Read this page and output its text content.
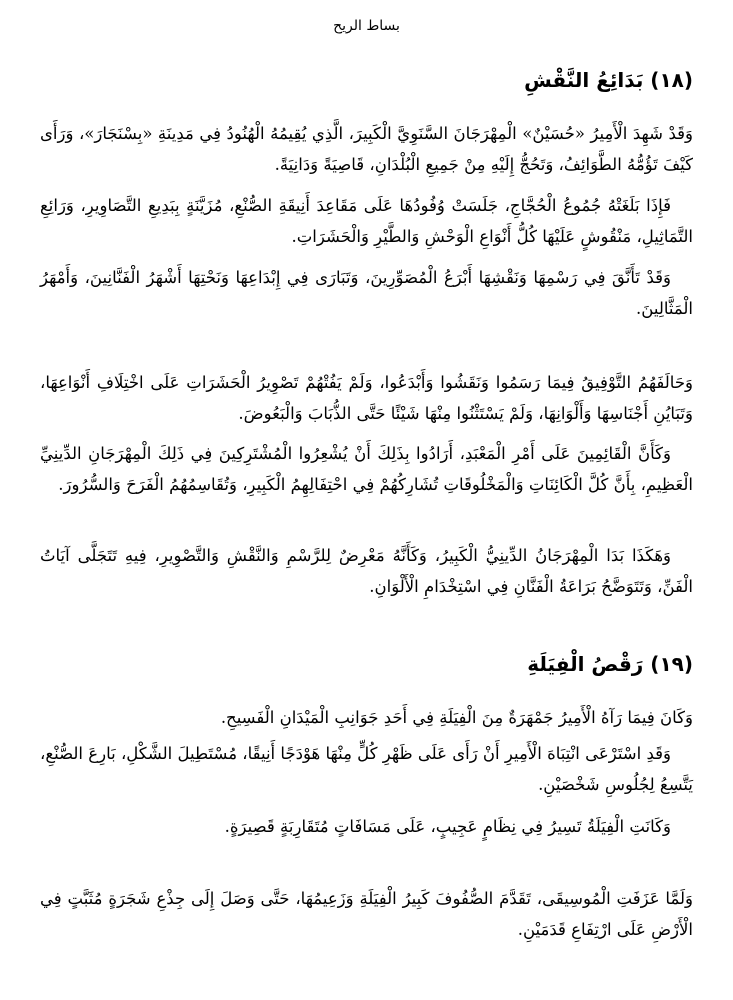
بساط الريح
(١٨) بَدَائِعُ النَّقْشِ
وَقَدْ شَهِدَ الْأَمِيرُ «حُسَيْنٌ» الْمِهْرَجَانَ السَّنَوِيَّ الْكَبِيرَ، الَّذِي يُقِيمُهُ الْهُنُودُ فِي مَدِينَةِ «بِسْنَجَارَ»، وَرَأَى كَيْفَ تَؤُمُّهُ الطَّوَائِفُ، وَتَحُجُّ إِلَيْهِ مِنْ جَمِيعِ الْبُلْدَانِ، قَاصِيَةً وَدَانِيَةً.
فَإِذَا بَلَغَتْهُ جُمُوعُ الْحُجَّاجِ، جَلَسَتْ وُفُودُهَا عَلَى مَقَاعِدَ أَنِيقَةِ الصُّنْعِ، مُزَيَّنَةٍ بِبَدِيعِ التَّصَاوِيرِ، وَرَائِعِ التَّمَاثِيلِ، مَنْقُوشٍ عَلَيْهَا كُلُّ أَنْوَاعِ الْوَحْشِ وَالطَّيْرِ وَالْحَشَرَاتِ.
وَقَدْ تَأَنَّقَ فِي رَسْمِهَا وَنَقْشِهَا أَبْرَعُ الْمُصَوِّرِينَ، وَتَبَارَى فِي إِبْدَاعِهَا وَنَحْتِهَا أَشْهَرُ الْفَنَّانِينَ، وَأَمْهَرُ الْمَثَّالِينَ.
وَحَالَفَهُمُ التَّوْفِيقُ فِيمَا رَسَمُوا وَنَقَشُوا وَأَبْدَعُوا، وَلَمْ يَفُتْهُمْ تَصْوِيرُ الْحَشَرَاتِ عَلَى اخْتِلَافِ أَنْوَاعِهَا، وَتَبَايُنِ أَجْنَاسِهَا وَأَلْوَانِهَا، وَلَمْ يَسْتَثْنُوا مِنْهَا شَيْئًا حَتَّى الذُّبَابَ وَالْبَعُوضَ.
وَكَأَنَّ الْقَائِمِينَ عَلَى أَمْرِ الْمَعْبَدِ، أَرَادُوا بِذَلِكَ أَنْ يُشْعِرُوا الْمُشْتَرِكِينَ فِي ذَلِكَ الْمِهْرَجَانِ الدِّينِيِّ الْعَظِيمِ، بِأَنَّ كُلَّ الْكَائِنَاتِ وَالْمَخْلُوقَاتِ تُشَارِكُهُمْ فِي احْتِفَالِهِمُ الْكَبِيرِ، وَتُقَاسِمُهُمُ الْفَرَحَ وَالسُّرُورَ.
وَهَكَذَا بَدَا الْمِهْرَجَانُ الدِّينِيُّ الْكَبِيرُ، وَكَأَنَّهُ مَعْرِضٌ لِلرَّسْمِ وَالنَّقْشِ وَالتَّصْوِيرِ، فِيهِ تَتَجَلَّى آيَاتُ الْفَنِّ، وَتَتَوَضَّحُ بَرَاعَةُ الْفَنَّانِ فِي اسْتِخْدَامِ الْأَلْوَانِ.
(١٩) رَقْصُ الْفِيَلَةِ
وَكَانَ فِيمَا رَآهُ الْأَمِيرُ جَمْهَرَةٌ مِنَ الْفِيَلَةِ فِي أَحَدِ جَوَانِبِ الْمَيْدَانِ الْفَسِيحِ.
وَقَدِ اسْتَرْعَى انْتِبَاهَ الْأَمِيرِ أَنْ رَأَى عَلَى ظَهْرِ كُلٍّ مِنْهَا هَوْدَجًا أَنِيقًا، مُسْتَطِيلَ الشَّكْلِ، بَارِعَ الصُّنْعِ، يَتَّسِعُ لِجُلُوسِ شَخْصَيْنِ.
وَكَانَتِ الْفِيَلَةُ تَسِيرُ فِي نِظَامٍ عَجِيبٍ، عَلَى مَسَافَاتٍ مُتَقَارِبَةٍ قَصِيرَةٍ.
وَلَمَّا عَزَفَتِ الْمُوسِيقَى، تَقَدَّمَ الصُّفُوفَ كَبِيرُ الْفِيَلَةِ وَزَعِيمُهَا، حَتَّى وَصَلَ إِلَى جِذْعِ شَجَرَةٍ مُثَبَّتٍ فِي الْأَرْضِ عَلَى ارْتِفَاعِ قَدَمَيْنِ.
